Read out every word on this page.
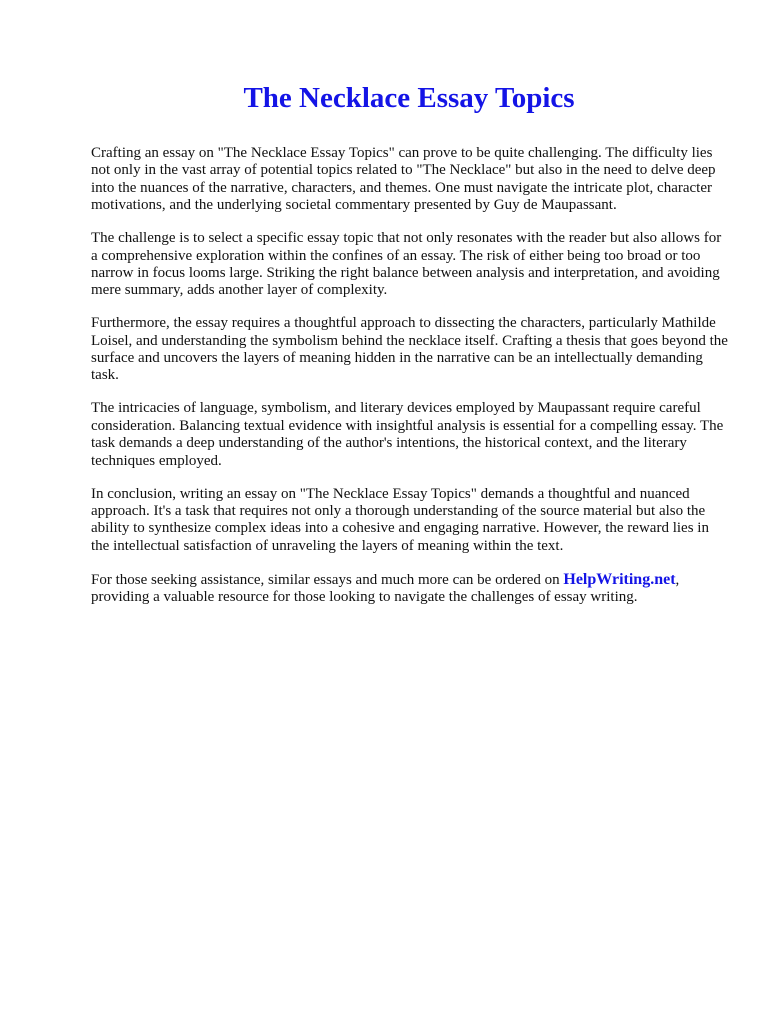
The Necklace Essay Topics

Crafting an essay on "The Necklace Essay Topics" can prove to be quite challenging. The difficulty lies not only in the vast array of potential topics related to "The Necklace" but also in the need to delve deep into the nuances of the narrative, characters, and themes. One must navigate the intricate plot, character motivations, and the underlying societal commentary presented by Guy de Maupassant.

The challenge is to select a specific essay topic that not only resonates with the reader but also allows for a comprehensive exploration within the confines of an essay. The risk of either being too broad or too narrow in focus looms large. Striking the right balance between analysis and interpretation, and avoiding mere summary, adds another layer of complexity.

Furthermore, the essay requires a thoughtful approach to dissecting the characters, particularly Mathilde Loisel, and understanding the symbolism behind the necklace itself. Crafting a thesis that goes beyond the surface and uncovers the layers of meaning hidden in the narrative can be an intellectually demanding task.

The intricacies of language, symbolism, and literary devices employed by Maupassant require careful consideration. Balancing textual evidence with insightful analysis is essential for a compelling essay. The task demands a deep understanding of the author's intentions, the historical context, and the literary techniques employed.

In conclusion, writing an essay on "The Necklace Essay Topics" demands a thoughtful and nuanced approach. It's a task that requires not only a thorough understanding of the source material but also the ability to synthesize complex ideas into a cohesive and engaging narrative. However, the reward lies in the intellectual satisfaction of unraveling the layers of meaning within the text.

For those seeking assistance, similar essays and much more can be ordered on HelpWriting.net, providing a valuable resource for those looking to navigate the challenges of essay writing.
